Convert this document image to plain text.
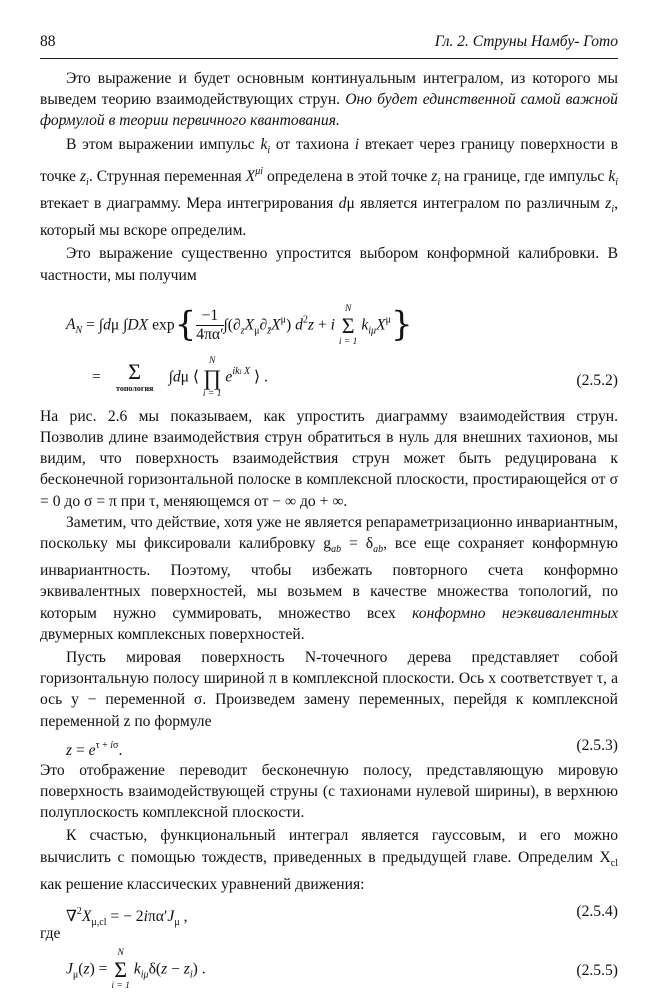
88	Гл. 2. Струны Намбу- Гото

Это выражение и будет основным континуальным интегралом, из которого мы выведем теорию взаимодействующих струн. Оно будет единственной самой важной формулой в теории первичного квантования.

В этом выражении импульс $k_i$ от тахиона i втекает через границу поверхности в точке $z_i$. Струнная переменная $X^{\mu i}$ определена в этой точке $z_i$ на границе, где импульс $k_i$ втекает в диаграмму. Мера интегрирования dμ является интегралом по различным $z_i$, который мы вскоре определим.

Это выражение существенно упростится выбором конформной калибровки. В частности, мы получим

$A_N = \int d\mu$ ∫DX $\exp\{ \frac{-1}{4\pi\alpha'} \int(\partial_zX_\mu\partial_{z̄}X^\mu) d^2z + i$
N
Σ
i = 1
$k_{i\mu}X^\mu$}
=	Σ
топология
∫dμ ⟨
N
∏
i = 1
$e^{iki X}$ ⟩ .	(2.5.2)

На рис. 2.6 мы показываем, как упростить диаграмму взаимодействия струн. Позволив длине взаимодействия струн обратиться в нуль для внешних тахионов, мы видим, что поверхность взаимодействия струн может быть редуцирована к бесконечной горизонтальной полоске в комплексной плоскости, простирающейся от σ = 0 до σ = π при τ, меняющемся от − ∞ до + ∞.

Заметим, что действие, хотя уже не является репараметризационно инвариантным, поскольку мы фиксировали калибровку $g_{ab} = \delta_{ab}$, все еще сохраняет конформную инвариантность. Поэтому, чтобы избежать повторного счета конформно эквивалентных поверхностей, мы возьмем в качестве множества топологий, по которым нужно суммировать, множество всех конформно неэквивалентных двумерных комплексных поверхностей.

Пусть мировая поверхность N-точечного дерева представляет собой горизонтальную полосу шириной π в комплексной плоскости. Ось x соответствует τ, а ось y − переменной σ. Произведем замену переменных, перейдя к комплексной переменной z по формуле

$z = e^{\tau + i\sigma}$.	(2.5.3)

Это отображение переводит бесконечную полосу, представляющую мировую поверхность взаимодействующей струны (с тахионами нулевой ширины), в верхнюю полуплоскость комплексной плоскости.

К счастью, функциональный интеграл является гауссовым, и его можно вычислить с помощью тождеств, приведенных в предыдущей главе. Определим $X_{cl}$ как решение классических уравнений движения:

$\nabla^2X_{\mu,cl}$ = − $2i\pi\alpha'J_\mu$ ,	(2.5.4)

где

$J_\mu(z)$ =
N
Σ
i = 1
$k_{i\mu}\delta(z - z_i)$ .	(2.5.5)
